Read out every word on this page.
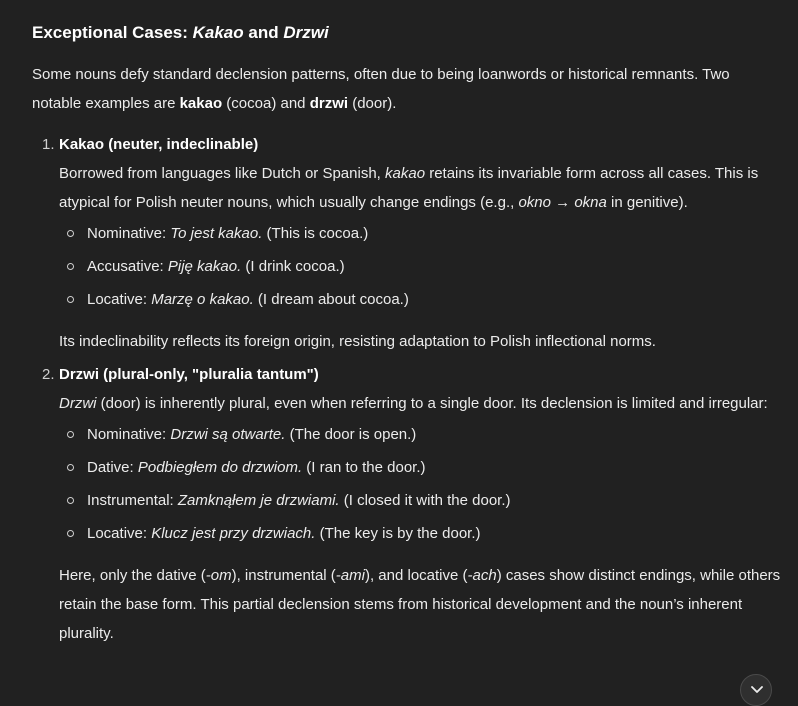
Exceptional Cases: Kakao and Drzwi

Some nouns defy standard declension patterns, often due to being loanwords or historical remnants. Two notable examples are kakao (cocoa) and drzwi (door).

1. Kakao (neuter, indeclinable)

Borrowed from languages like Dutch or Spanish, kakao retains its invariable form across all cases. This is atypical for Polish neuter nouns, which usually change endings (e.g., okno → okna in genitive).

Nominative: To jest kakao. (This is cocoa.)
Accusative: Piję kakao. (I drink cocoa.)
Locative: Marzę o kakao. (I dream about cocoa.)

Its indeclinability reflects its foreign origin, resisting adaptation to Polish inflectional norms.

2. Drzwi (plural-only, "pluralia tantum")

Drzwi (door) is inherently plural, even when referring to a single door. Its declension is limited and irregular:

Nominative: Drzwi są otwarte. (The door is open.)
Dative: Podbiegłem do drzwiom. (I ran to the door.)
Instrumental: Zamknąłem je drzwiami. (I closed it with the door.)
Locative: Klucz jest przy drzwiach. (The key is by the door.)

Here, only the dative (-om), instrumental (-ami), and locative (-ach) cases show distinct endings, while others retain the base form. This partial declension stems from historical development and the noun’s inherent plurality.
